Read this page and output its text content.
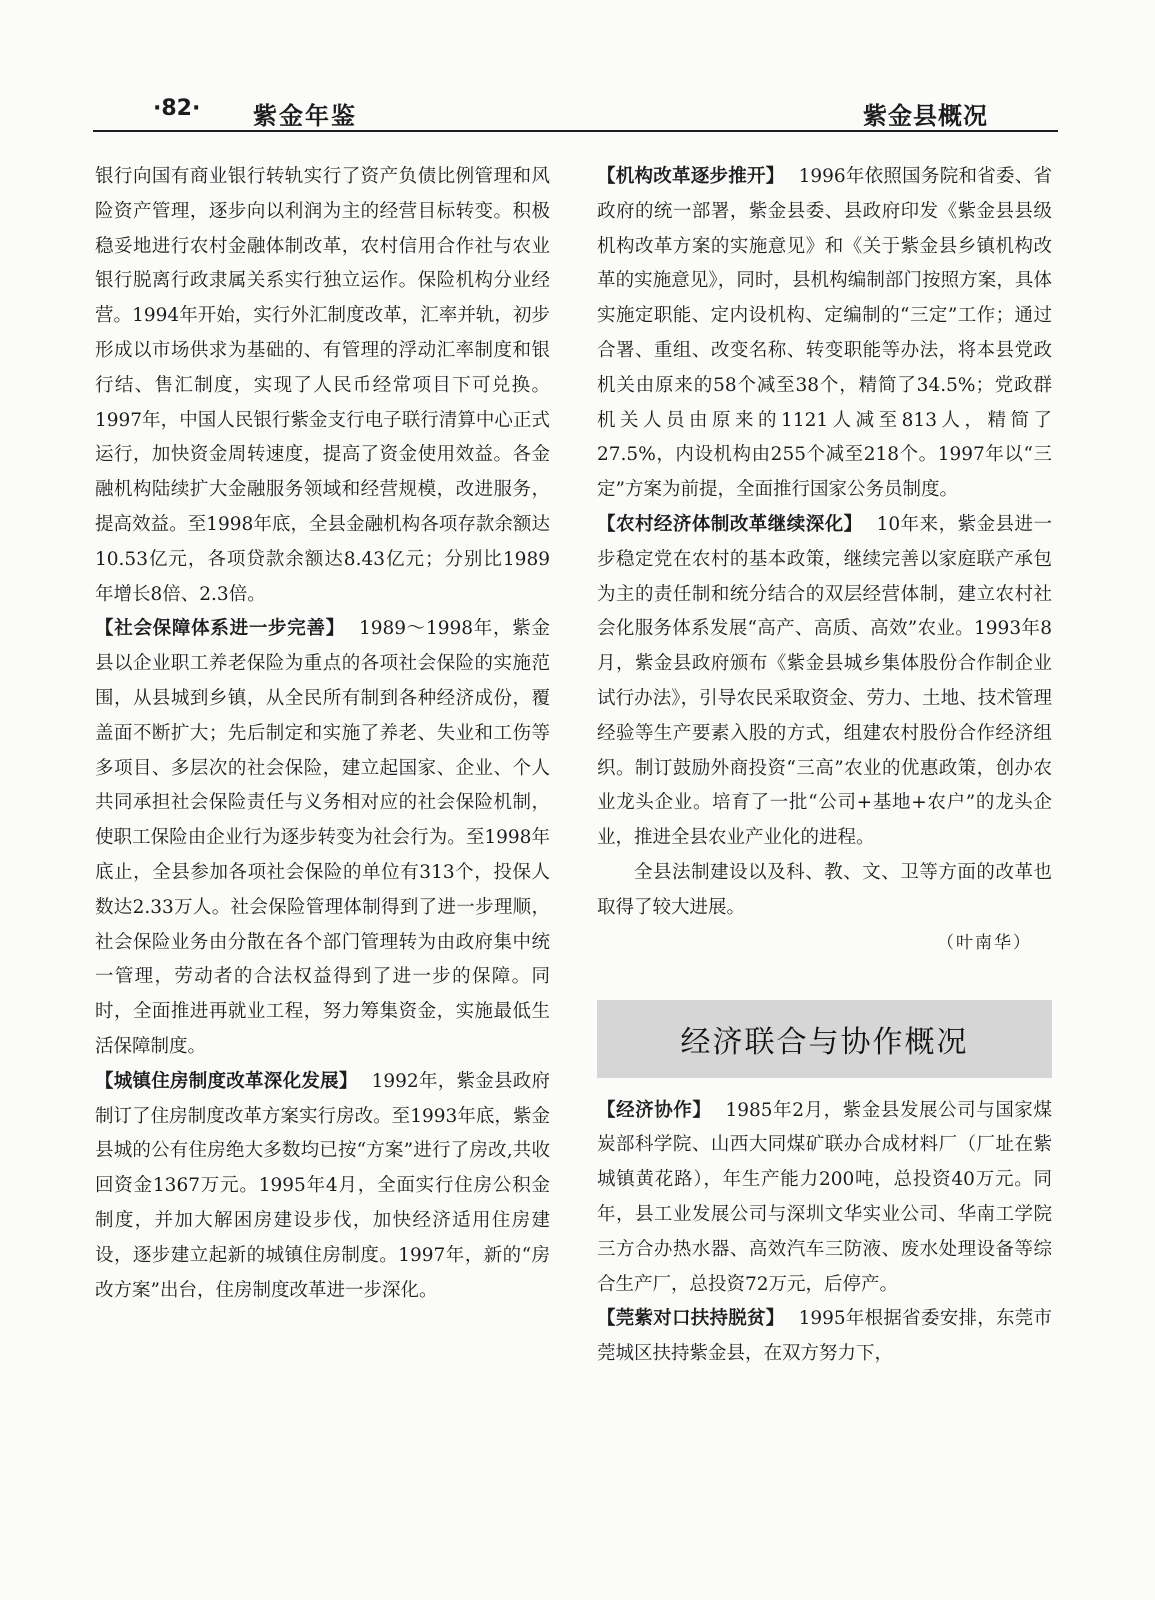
·82· 紫金年鉴	紫金县概况

银行向国有商业银行转轨实行了资产负债比例管理和风险资产管理，逐步向以利润为主的经营目标转变。积极稳妥地进行农村金融体制改革，农村信用合作社与农业银行脱离行政隶属关系实行独立运作。保险机构分业经营。1994年开始，实行外汇制度改革，汇率并轨，初步形成以市场供求为基础的、有管理的浮动汇率制度和银行结、售汇制度，实现了人民币经常项目下可兑换。1997年，中国人民银行紫金支行电子联行清算中心正式运行，加快资金周转速度，提高了资金使用效益。各金融机构陆续扩大金融服务领域和经营规模，改进服务，提高效益。至1998年底，全县金融机构各项存款余额达10.53亿元，各项贷款余额达8.43亿元；分别比1989年增长8倍、2.3倍。

【社会保障体系进一步完善】 1989～1998年，紫金县以企业职工养老保险为重点的各项社会保险的实施范围，从县城到乡镇，从全民所有制到各种经济成份，覆盖面不断扩大；先后制定和实施了养老、失业和工伤等多项目、多层次的社会保险，建立起国家、企业、个人共同承担社会保险责任与义务相对应的社会保险机制，使职工保险由企业行为逐步转变为社会行为。至1998年底止，全县参加各项社会保险的单位有313个，投保人数达2.33万人。社会保险管理体制得到了进一步理顺，社会保险业务由分散在各个部门管理转为由政府集中统一管理，劳动者的合法权益得到了进一步的保障。同时，全面推进再就业工程，努力筹集资金，实施最低生活保障制度。

【城镇住房制度改革深化发展】 1992年，紫金县政府制订了住房制度改革方案实行房改。至1993年底，紫金县城的公有住房绝大多数均已按“方案”进行了房改,共收回资金1367万元。1995年4月，全面实行住房公积金制度，并加大解困房建设步伐，加快经济适用住房建设，逐步建立起新的城镇住房制度。1997年，新的“房改方案”出台，住房制度改革进一步深化。

【机构改革逐步推开】 1996年依照国务院和省委、省政府的统一部署，紫金县委、县政府印发《紫金县县级机构改革方案的实施意见》和《关于紫金县乡镇机构改革的实施意见》，同时，县机构编制部门按照方案，具体实施定职能、定内设机构、定编制的“三定”工作；通过合署、重组、改变名称、转变职能等办法，将本县党政机关由原来的58个减至38个，精简了34.5%；党政群机关人员由原来的1121人减至813人，精简了27.5%，内设机构由255个减至218个。1997年以“三定”方案为前提，全面推行国家公务员制度。

【农村经济体制改革继续深化】 10年来，紫金县进一步稳定党在农村的基本政策，继续完善以家庭联产承包为主的责任制和统分结合的双层经营体制，建立农村社会化服务体系发展“高产、高质、高效”农业。1993年8月，紫金县政府颁布《紫金县城乡集体股份合作制企业试行办法》，引导农民采取资金、劳力、土地、技术管理经验等生产要素入股的方式，组建农村股份合作经济组织。制订鼓励外商投资“三高”农业的优惠政策，创办农业龙头企业。培育了一批“公司+基地+农户”的龙头企业，推进全县农业产业化的进程。

全县法制建设以及科、教、文、卫等方面的改革也取得了较大进展。

（叶南华）
经济联合与协作概况

【经济协作】 1985年2月，紫金县发展公司与国家煤炭部科学院、山西大同煤矿联办合成材料厂（厂址在紫城镇黄花路），年生产能力200吨，总投资40万元。同年，县工业发展公司与深圳文华实业公司、华南工学院三方合办热水器、高效汽车三防液、废水处理设备等综合生产厂，总投资72万元，后停产。

【莞紫对口扶持脱贫】 1995年根据省委安排，东莞市莞城区扶持紫金县，在双方努力下，
